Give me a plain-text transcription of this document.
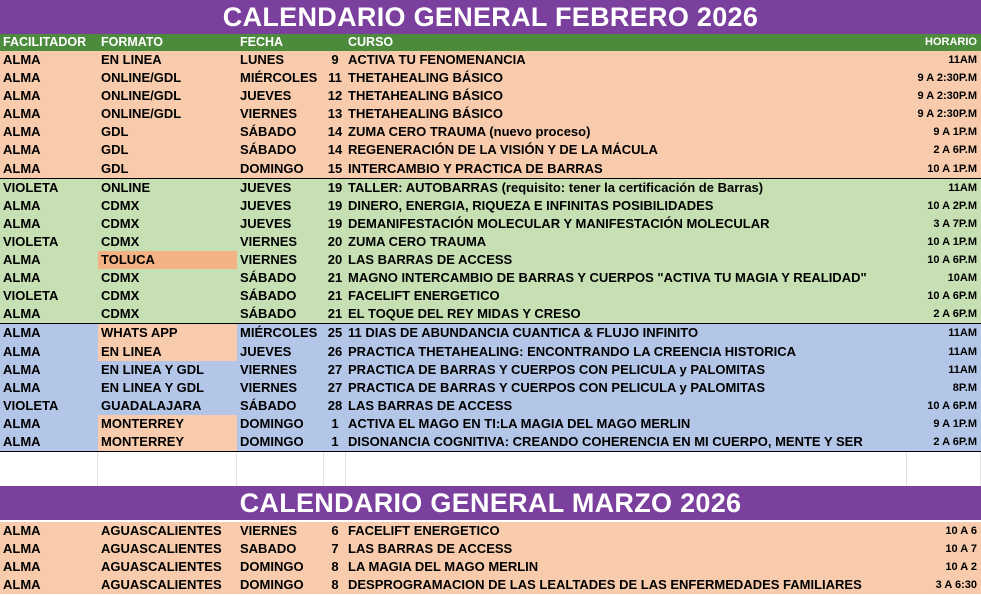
CALENDARIO GENERAL FEBRERO 2026
FACILITADOR	FORMATO	FECHA	CURSO	HORARIO
ALMA	EN LINEA	LUNES	9 ACTIVA TU FENOMENANCIA	11AM
ALMA	ONLINE/GDL	MIÉRCOLES 11 THETAHEALING BÁSICO	9 A 2:30P.M
ALMA	ONLINE/GDL	JUEVES	12 THETAHEALING BÁSICO	9 A 2:30P.M
ALMA	ONLINE/GDL	VIERNES	13 THETAHEALING BÁSICO	9 A 2:30P.M
ALMA	GDL	SÁBADO	14 ZUMA CERO TRAUMA (nuevo proceso)	9 A 1P.M
ALMA	GDL	SÁBADO	14 REGENERACIÓN DE LA VISIÓN Y DE LA MÁCULA	2 A 6P.M
ALMA	GDL	DOMINGO	15 INTERCAMBIO Y PRACTICA DE BARRAS	10 A 1P.M
VIOLETA	ONLINE	JUEVES	19 TALLER: AUTOBARRAS (requisito: tener la certificación de Barras)	11AM
ALMA	CDMX	JUEVES	19 DINERO, ENERGIA, RIQUEZA E INFINITAS POSIBILIDADES	10 A 2P.M
ALMA	CDMX	JUEVES	19 DEMANIFESTACIÓN MOLECULAR Y MANIFESTACIÓN MOLECULAR	3 A 7P.M
VIOLETA	CDMX	VIERNES	20 ZUMA CERO TRAUMA	10 A 1P.M
ALMA	TOLUCA	VIERNES	20 LAS BARRAS DE ACCESS	10 A 6P.M
ALMA	CDMX	SÁBADO	21 MAGNO INTERCAMBIO DE BARRAS Y CUERPOS "ACTIVA TU MAGIA Y REALIDAD"	10AM
VIOLETA	CDMX	SÁBADO	21 FACELIFT ENERGETICO	10 A 6P.M
ALMA	CDMX	SÁBADO	21 EL TOQUE DEL REY MIDAS Y CRESO	2 A 6P.M
ALMA	WHATS APP	MIÉRCOLES 25 11 DIAS DE ABUNDANCIA CUANTICA & FLUJO INFINITO	11AM
ALMA	EN LINEA	JUEVES	26 PRACTICA THETAHEALING: ENCONTRANDO LA CREENCIA HISTORICA	11AM
ALMA	EN LINEA Y GDL	VIERNES	27 PRACTICA DE BARRAS Y CUERPOS CON PELICULA y PALOMITAS	11AM
ALMA	EN LINEA Y GDL	VIERNES	27 PRACTICA DE BARRAS Y CUERPOS CON PELICULA y PALOMITAS	8P.M
VIOLETA	GUADALAJARA	SÁBADO	28 LAS BARRAS DE ACCESS	10 A 6P.M
ALMA	MONTERREY	DOMINGO	1 ACTIVA EL MAGO EN TI:LA MAGIA DEL MAGO MERLIN	9 A 1P.M
ALMA	MONTERREY	DOMINGO	1 DISONANCIA COGNITIVA: CREANDO COHERENCIA EN MI CUERPO, MENTE Y SER	2 A 6P.M
CALENDARIO GENERAL MARZO 2026
ALMA	AGUASCALIENTES	VIERNES	6 FACELIFT ENERGETICO	10 A 6
ALMA	AGUASCALIENTES	SABADO	7 LAS BARRAS DE ACCESS	10 A 7
ALMA	AGUASCALIENTES	DOMINGO	8 LA MAGIA DEL MAGO MERLIN	10 A 2
ALMA	AGUASCALIENTES	DOMINGO	8 DESPROGRAMACION DE LAS LEALTADES DE LAS ENFERMEDADES FAMILIARES	3 A 6:30
